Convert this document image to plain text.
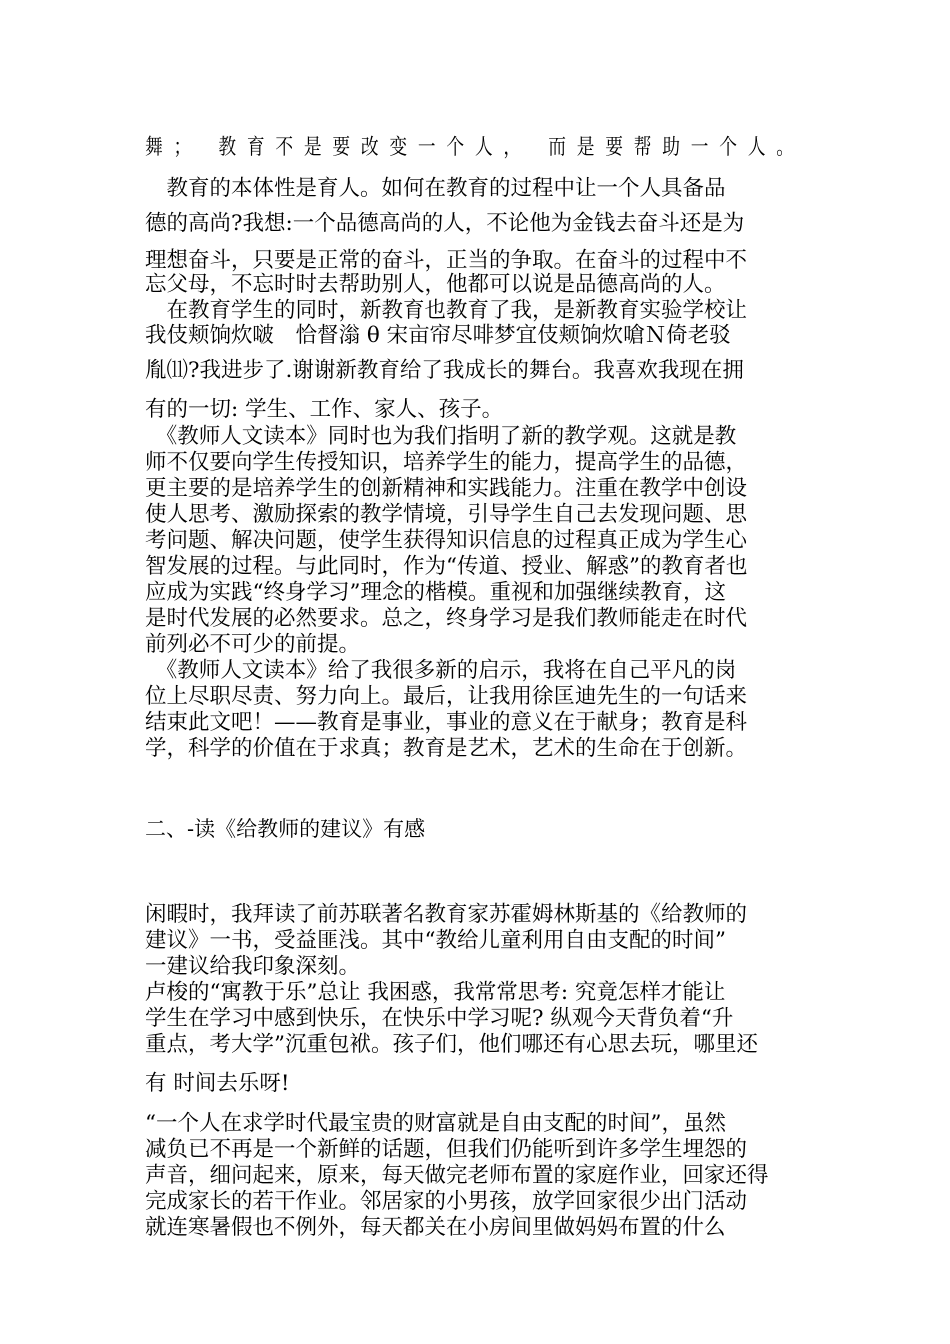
舞； 教育不是要改变一个人， 而是要帮助一个人。
　教育的本体性是育人。如何在教育的过程中让一个人具备品
德的高尚?我想:一个品德高尚的人，不论他为金钱去奋斗还是为
理想奋斗，只要是正常的奋斗，正当的争取。在奋斗的过程中不
忘父母，不忘时时去帮助别人，他都可以说是品德高尚的人。
　在教育学生的同时，新教育也教育了我，是新教育实验学校让
我伎颊饷炊啵　恰督滃 θ 宋亩帘尽啡梦宜伎颊饷炊嗆Ｎ倚老驳
胤⑾?我进步了.谢谢新教育给了我成长的舞台。我喜欢我现在拥
有的一切: 学生、工作、家人、孩子。
　《教师人文读本》同时也为我们指明了新的教学观。这就是教
师不仅要向学生传授知识，培养学生的能力，提高学生的品德，
更主要的是培养学生的创新精神和实践能力。注重在教学中创设
使人思考、激励探索的教学情境，引导学生自己去发现问题、思
考问题、解决问题，使学生获得知识信息的过程真正成为学生心
智发展的过程。与此同时，作为“传道、授业、解惑”的教育者也
应成为实践“终身学习”理念的楷模。重视和加强继续教育，这
是时代发展的必然要求。总之，终身学习是我们教师能走在时代
前列必不可少的前提。
　《教师人文读本》给了我很多新的启示，我将在自己平凡的岗
位上尽职尽责、努力向上。最后，让我用徐匡迪先生的一句话来
结束此文吧！——教育是事业，事业的意义在于献身；教育是科
学，科学的价值在于求真；教育是艺术，艺术的生命在于创新。
二、-读《给教师的建议》有感
闲暇时，我拜读了前苏联著名教育家苏霍姆林斯基的《给教师的
建议》一书，受益匪浅。其中“教给儿童利用自由支配的时间”
一建议给我印象深刻。
卢梭的“寓教于乐”总让 我困惑，我常常思考: 究竟怎样才能让
学生在学习中感到快乐，在快乐中学习呢? 纵观今天背负着“升
重点，考大学”沉重包袱。孩子们，他们哪还有心思去玩，哪里还
有 时间去乐呀!
“一个人在求学时代最宝贵的财富就是自由支配的时间”，虽然
减负已不再是一个新鲜的话题，但我们仍能听到许多学生埋怨的
声音，细问起来，原来，每天做完老师布置的家庭作业，回家还得
完成家长的若干作业。邻居家的小男孩，放学回家很少出门活动
就连寒暑假也不例外，每天都关在小房间里做妈妈布置的什么
